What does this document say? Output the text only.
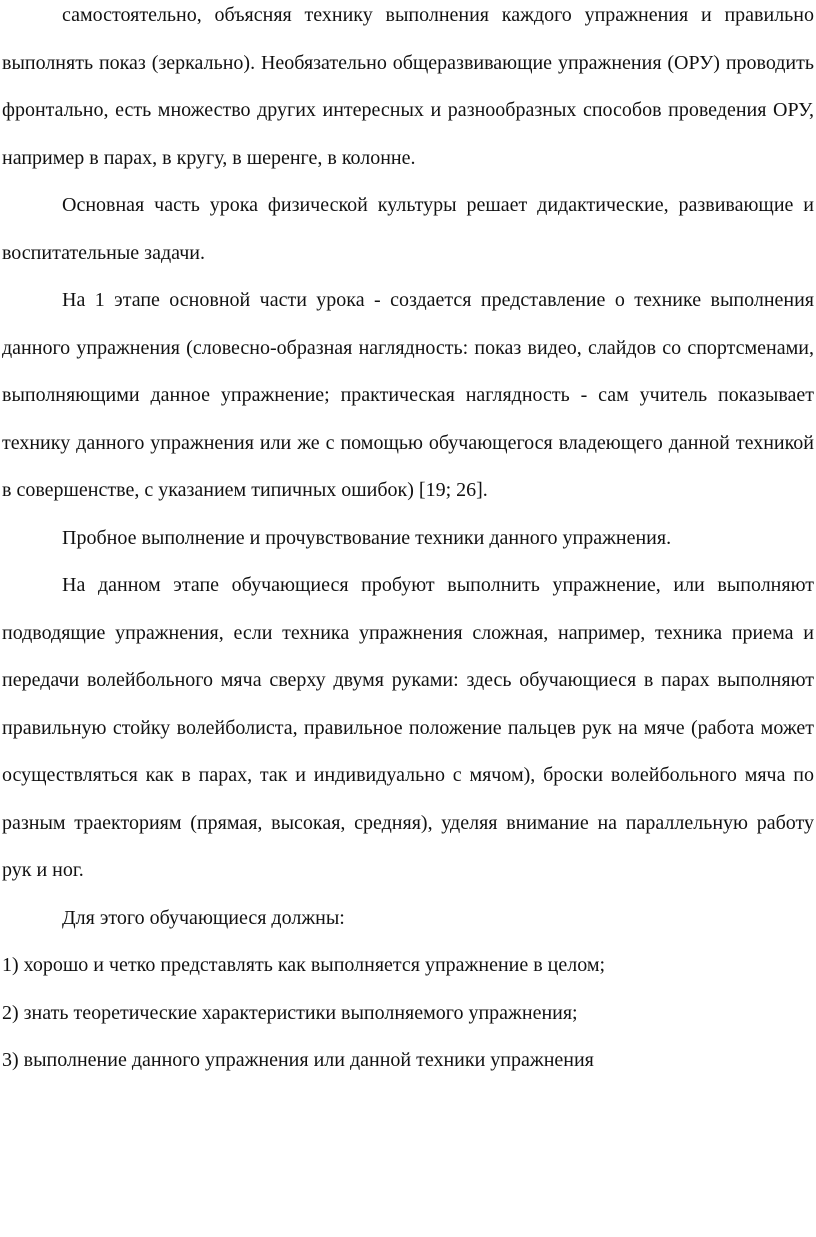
самостоятельно, объясняя технику выполнения каждого упражнения и правильно выполнять показ (зеркально). Необязательно общеразвивающие упражнения (ОРУ) проводить фронтально, есть множество других интересных и разнообразных способов проведения ОРУ, например в парах, в кругу, в шеренге, в колонне.

Основная часть урока физической культуры решает дидактические, развивающие и воспитательные задачи.

На 1 этапе основной части урока - создается представление о технике выполнения данного упражнения (словесно-образная наглядность: показ видео, слайдов со спортсменами, выполняющими данное упражнение; практическая наглядность - сам учитель показывает технику данного упражнения или же с помощью обучающегося владеющего данной техникой в совершенстве, с указанием типичных ошибок) [19; 26].

Пробное выполнение и прочувствование техники данного упражнения.

На данном этапе обучающиеся пробуют выполнить упражнение, или выполняют подводящие упражнения, если техника упражнения сложная, например, техника приема и передачи волейбольного мяча сверху двумя руками: здесь обучающиеся в парах выполняют правильную стойку волейболиста, правильное положение пальцев рук на мяче (работа может осуществляться как в парах, так и индивидуально с мячом), броски волейбольного мяча по разным траекториям (прямая, высокая, средняя), уделяя внимание на параллельную работу рук и ног.

Для этого обучающиеся должны:

1) хорошо и четко представлять как выполняется упражнение в целом;

2) знать теоретические характеристики выполняемого упражнения;

3) выполнение данного упражнения или данной техники упражнения
